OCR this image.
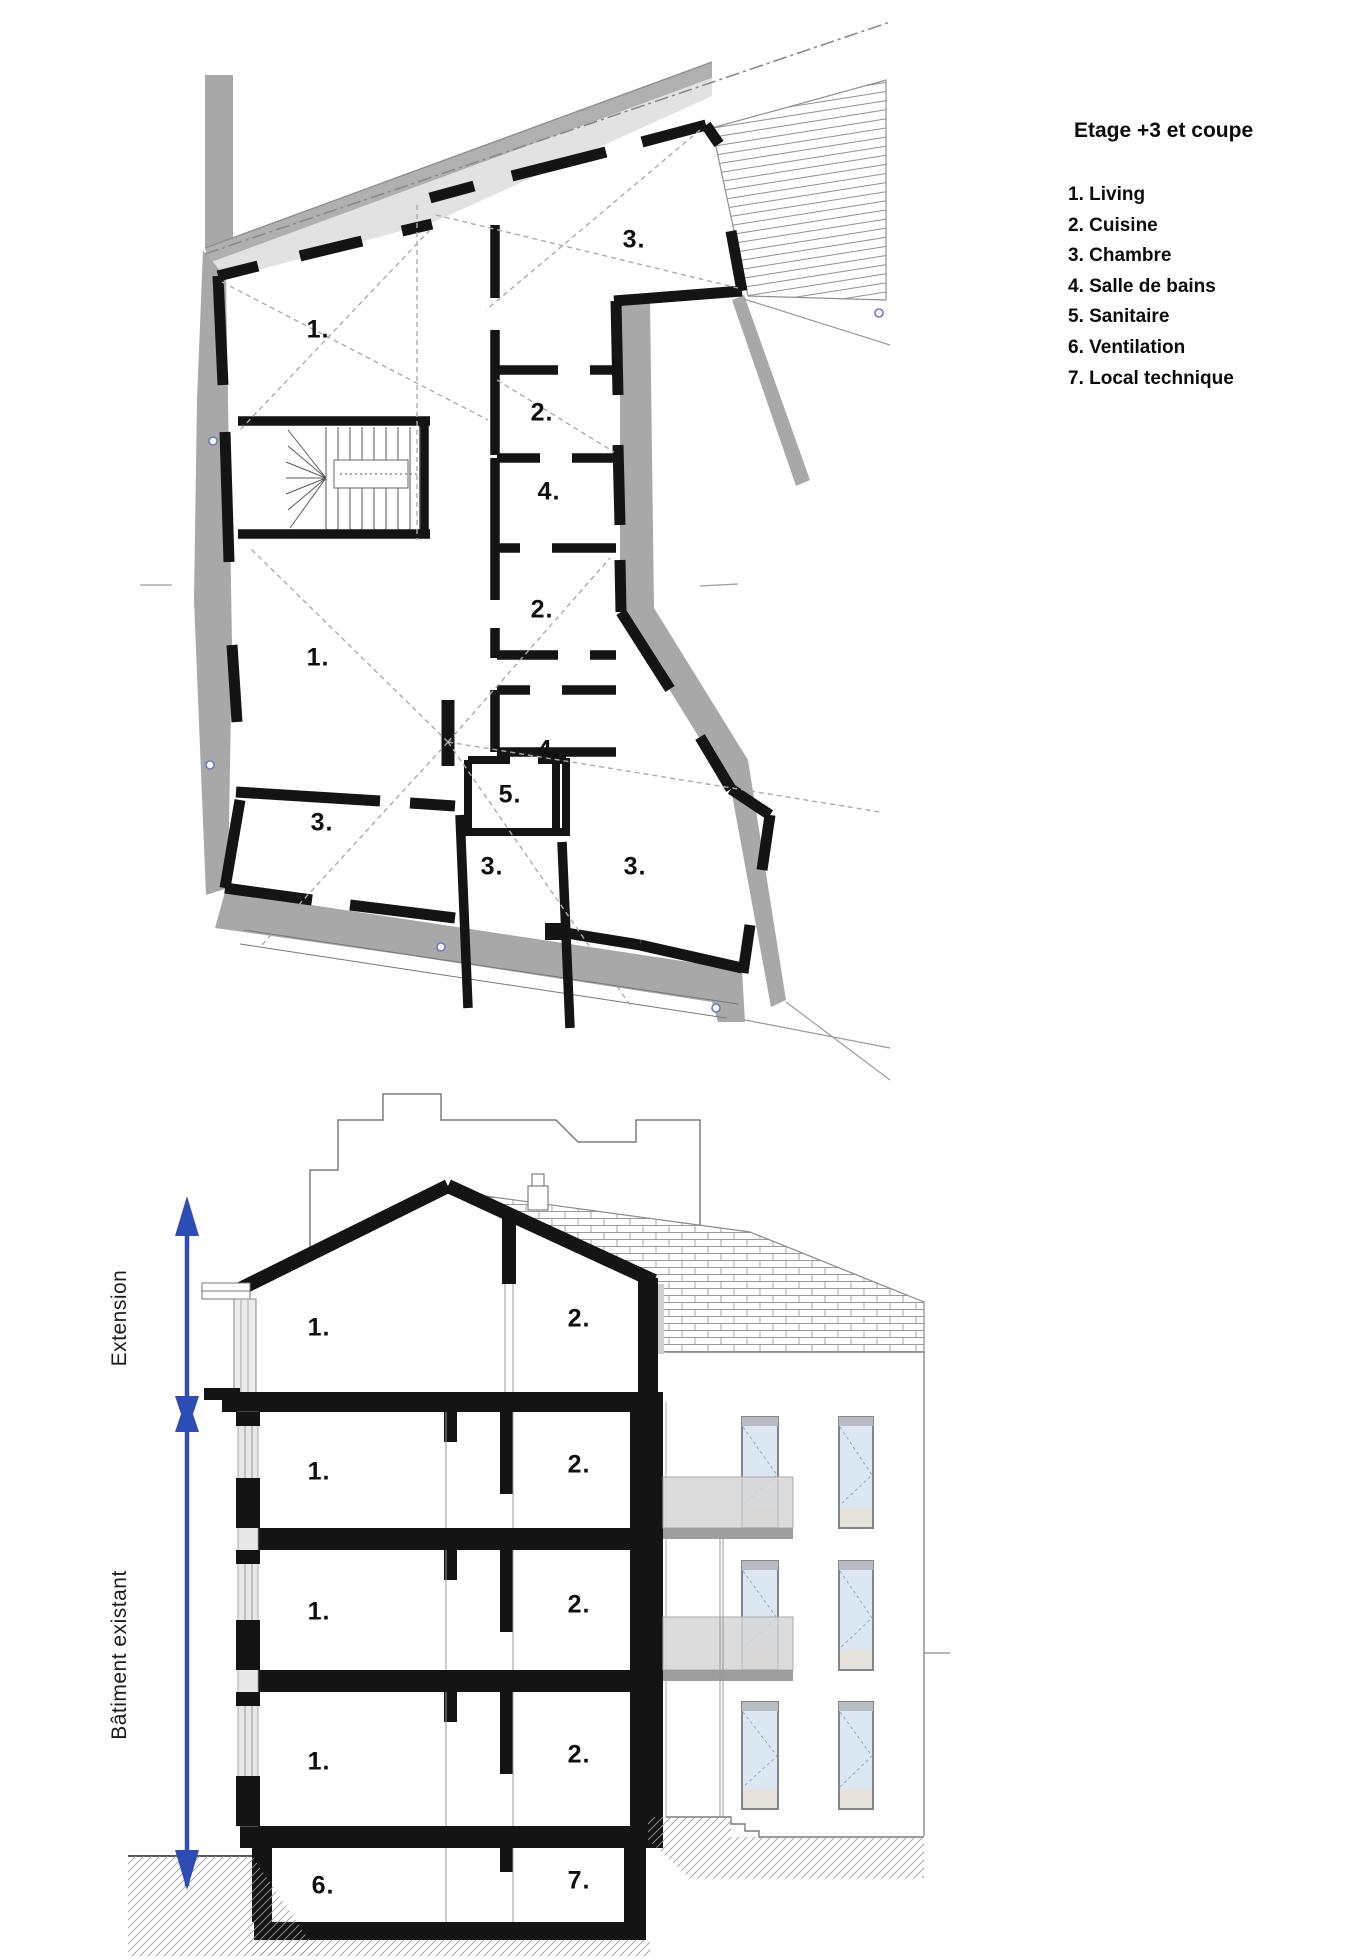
Etage +3 et coupe

1. Living
2. Cuisine
3. Chambre
4. Salle de bains
5. Sanitaire
6. Ventilation
7. Local technique
1.
3.
2.
4.
2.
1.
4.
5.
3.
3.	3.
1.	2.
1.	2.
1.	2.
1.	2.
6.	7.
Extension
Bâtiment existant
